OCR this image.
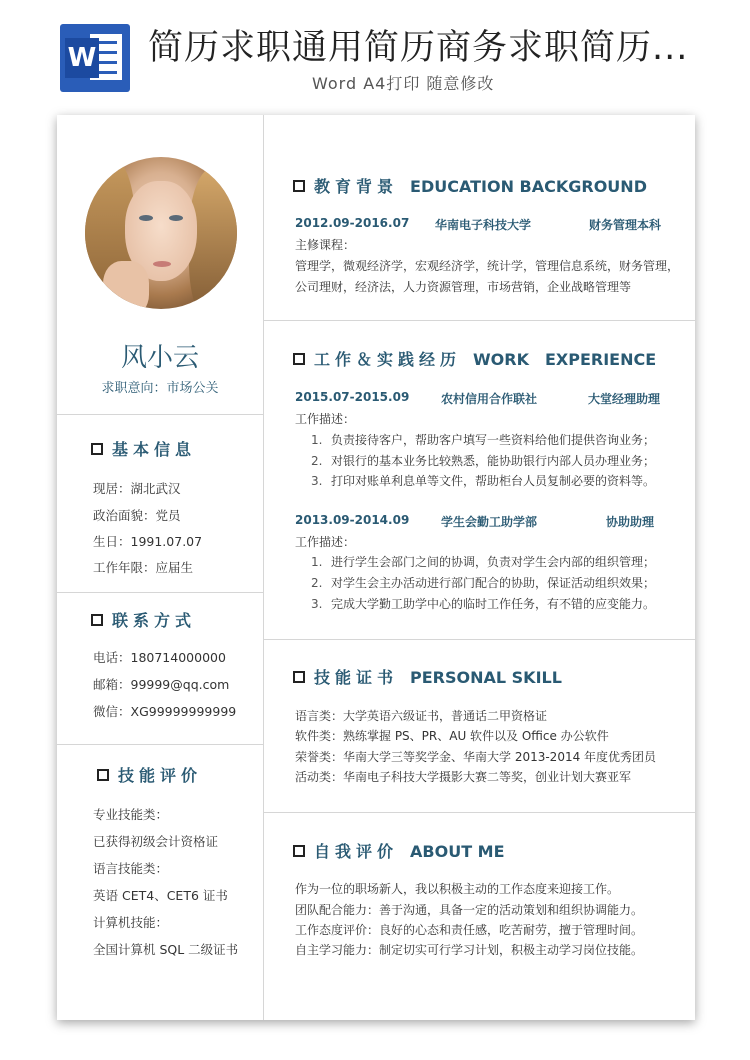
W 简历求职通用简历商务求职简历...
Word A4打印 随意修改
风小云
求职意向：市场公关
基本信息
现居：湖北武汉
政治面貌：党员
生日：1991.07.07
工作年限：应届生
联系方式
电话：180714000000
邮箱：99999@qq.com
微信：XG99999999999
技能评价
专业技能类：
已获得初级会计资格证
语言技能类：
英语 CET4、CET6 证书
计算机技能：
全国计算机 SQL 二级证书
教育背景 EDUCATION BACKGROUND
2012.09-2016.07 华南电子科技大学	财务管理本科
主修课程：
管理学，微观经济学，宏观经济学，统计学，管理信息系统，财务管理，
公司理财，经济法，人力资源管理，市场营销，企业战略管理等
工作＆实践经历 WORK　EXPERIENCE
2015.07-2015.09	农村信用合作联社	大堂经理助理
工作描述：
1. 负责接待客户，帮助客户填写一些资料给他们提供咨询业务；
2. 对银行的基本业务比较熟悉，能协助银行内部人员办理业务；
3. 打印对账单利息单等文件，帮助柜台人员复制必要的资料等。
2013.09-2014.09	学生会勤工助学部	协助助理
工作描述：
1. 进行学生会部门之间的协调，负责对学生会内部的组织管理；
2. 对学生会主办活动进行部门配合的协助，保证活动组织效果；
3. 完成大学勤工助学中心的临时工作任务，有不错的应变能力。
技能证书 PERSONAL SKILL
语言类：大学英语六级证书，普通话二甲资格证
软件类：熟练掌握 PS、PR、AU 软件以及 Office 办公软件
荣誉类：华南大学三等奖学金、华南大学 2013-2014 年度优秀团员
活动类：华南电子科技大学摄影大赛二等奖，创业计划大赛亚军
自我评价 ABOUT ME
作为一位的职场新人，我以积极主动的工作态度来迎接工作。
团队配合能力：善于沟通，具备一定的活动策划和组织协调能力。
工作态度评价：良好的心态和责任感，吃苦耐劳，擅于管理时间。
自主学习能力：制定切实可行学习计划，积极主动学习岗位技能。
